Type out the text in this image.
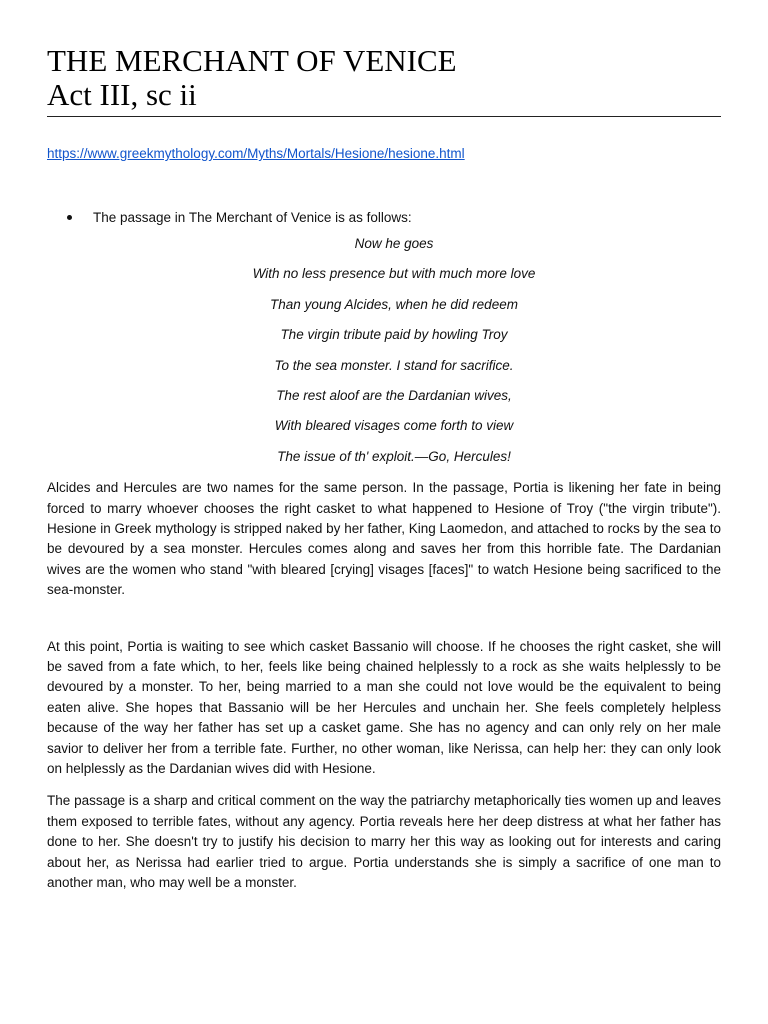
THE MERCHANT OF VENICE
Act III, sc ii
https://www.greekmythology.com/Myths/Mortals/Hesione/hesione.html
The passage in The Merchant of Venice is as follows:
Now he goes
With no less presence but with much more love
Than young Alcides, when he did redeem
The virgin tribute paid by howling Troy
To the sea monster. I stand for sacrifice.
The rest aloof are the Dardanian wives,
With bleared visages come forth to view
The issue of th' exploit.—Go, Hercules!

Alcides and Hercules are two names for the same person. In the passage, Portia is likening her fate in being forced to marry whoever chooses the right casket to what happened to Hesione of Troy ("the virgin tribute"). Hesione in Greek mythology is stripped naked by her father, King Laomedon, and attached to rocks by the sea to be devoured by a sea monster. Hercules comes along and saves her from this horrible fate. The Dardanian wives are the women who stand "with bleared [crying] visages [faces]" to watch Hesione being sacrificed to the sea-monster.

At this point, Portia is waiting to see which casket Bassanio will choose. If he chooses the right casket, she will be saved from a fate which, to her, feels like being chained helplessly to a rock as she waits helplessly to be devoured by a monster. To her, being married to a man she could not love would be the equivalent to being eaten alive. She hopes that Bassanio will be her Hercules and unchain her. She feels completely helpless because of the way her father has set up a casket game. She has no agency and can only rely on her male savior to deliver her from a terrible fate. Further, no other woman, like Nerissa, can help her: they can only look on helplessly as the Dardanian wives did with Hesione.

The passage is a sharp and critical comment on the way the patriarchy metaphorically ties women up and leaves them exposed to terrible fates, without any agency. Portia reveals here her deep distress at what her father has done to her. She doesn't try to justify his decision to marry her this way as looking out for interests and caring about her, as Nerissa had earlier tried to argue. Portia understands she is simply a sacrifice of one man to another man, who may well be a monster.
